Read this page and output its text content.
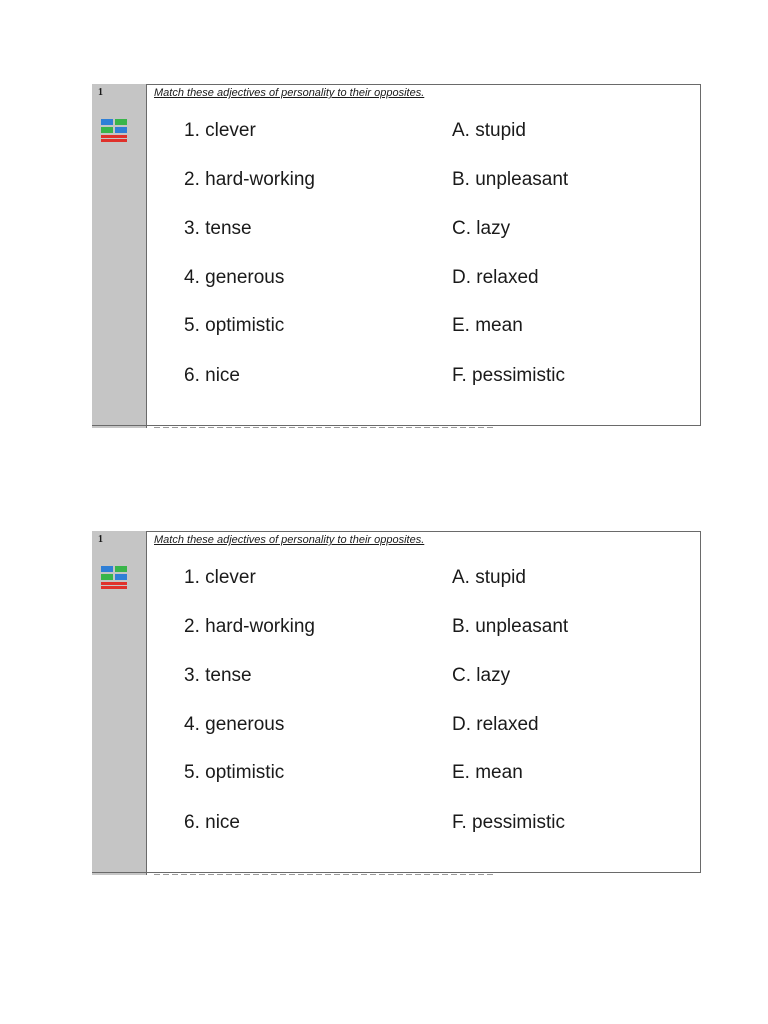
1	Match these adjectives of personality to their opposites.
1. clever
2. hard-working
3. tense
4. generous
5. optimistic
6. nice
A. stupid
B. unpleasant
C. lazy
D. relaxed
E. mean
F. pessimistic
1	Match these adjectives of personality to their opposites.
1. clever
2. hard-working
3. tense
4. generous
5. optimistic
6. nice
A. stupid
B. unpleasant
C. lazy
D. relaxed
E. mean
F. pessimistic
